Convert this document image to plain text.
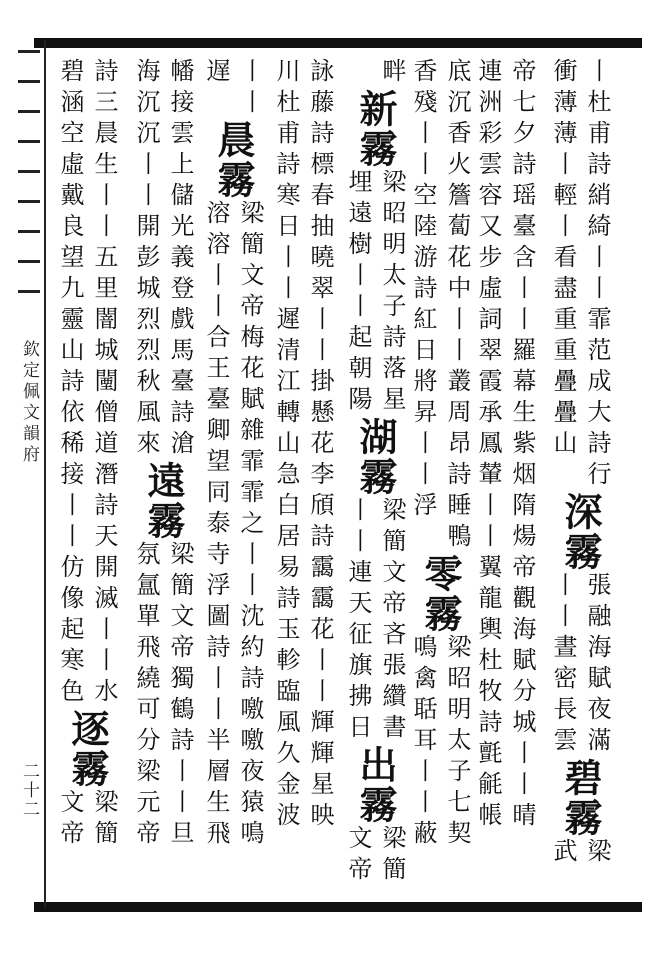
欽定佩文韻府
二十二
丨杜甫詩綃綺丨丨霏范成大詩行
衝薄薄丨輕丨看盡重重疊疊山
深霧
張融海賦夜滿
丨丨晝密長雲
碧霧
梁
武
帝七夕詩瑶臺含丨丨羅幕生紫烟隋煬帝觀海賦分城丨丨晴
連洲彩雲容又步虛詞翠霞承鳳輦丨丨翼龍輿杜牧詩氈毹帳
底沉香火簷蔔花中丨丨叢周昂詩睡鴨
香殘丨丨空陸游詩紅日將昇丨丨浮
零霧
梁昭明太子七契
鳴禽聒耳丨丨蔽
畔
新霧
梁昭明太子詩落星
埋遠樹丨丨起朝陽
湖霧
梁簡文帝吝張纘書
丨丨連天征旗拂日
出霧
梁簡
文帝
詠藤詩標春抽曉翠丨丨掛懸花李頎詩靄靄花丨丨輝輝星映
川杜甫詩寒日丨丨遲清江轉山急白居易詩玉軫臨風久金波
丨丨
遅
晨霧
梁簡文帝梅花賦雜霏霏之丨丨沈約詩噭噭夜猿鳴
溶溶丨丨合王臺卿望同泰寺浮圖詩丨丨半層生飛
幡接雲上儲光義登戲馬臺詩滄
海沉沉丨丨開彭城烈烈秋風來
遠霧
梁簡文帝獨鶴詩丨丨旦
氛氲單飛繞可分梁元帝
詩三晨生丨丨五里闇城闉僧道潛詩天開滅丨丨水
碧涵空虛戴良望九靈山詩依稀接丨丨仿像起寒色
逐霧
梁簡
文帝
